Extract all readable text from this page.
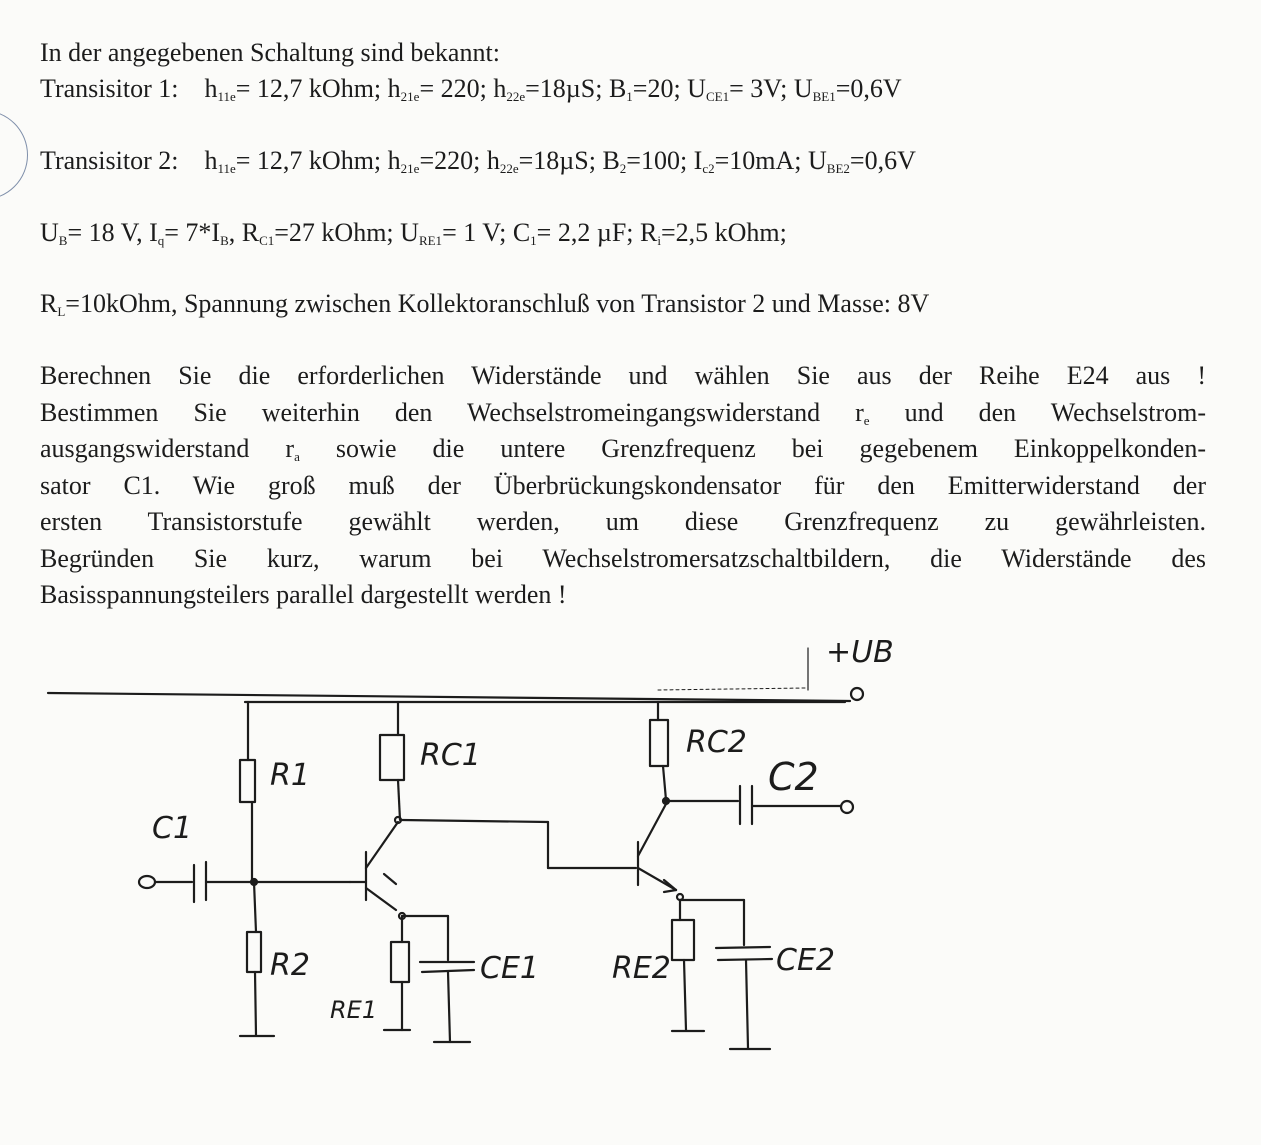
In der angegebenen Schaltung sind bekannt:
Transisitor 1: $h_{11e}= 12,7$ kOhm; $h_{21e}= 220$; $h_{22e}=18\mu S$; $B_1=20$; $U_{CE1}= 3V$; $U_{BE1}=0,6V$
Transisitor 2: $h_{11e}= 12,7$ kOhm; $h_{21e}=220$; $h_{22e}=18\mu S$; $B_2=100$; $I_{c2}=10mA$; $U_{BE2}=0,6V$
$U_B= 18$ V, $I_q= 7*I_B$, $R_{C1}=27$ kOhm; $U_{RE1}= 1$ V; $C_1= 2,2$ µF; $R_i=2,5$ kOhm;
$R_L=10kOhm$, Spannung zwischen Kollektoranschluß von Transistor 2 und Masse: 8V
Berechnen Sie die erforderlichen Widerstände und wählen Sie aus der Reihe E24 aus !
Bestimmen Sie weiterhin den Wechselstromeingangswiderstand $r_e$ und den Wechselstrom-
ausgangswiderstand $r_a$ sowie die untere Grenzfrequenz bei gegebenem Einkoppelkonden-
sator C1. Wie groß muß der Überbrückungskondensator für den Emitterwiderstand der
ersten Transistorstufe gewählt werden, um diese Grenzfrequenz zu gewährleisten.
Begründen Sie kurz, warum bei Wechselstromersatzschaltbildern, die Widerstände des
Basisspannungsteilers parallel dargestellt werden !
+UB
R1
C1
R2
RC1
RE1
CE1
RC2
C2
RE2	CE2
